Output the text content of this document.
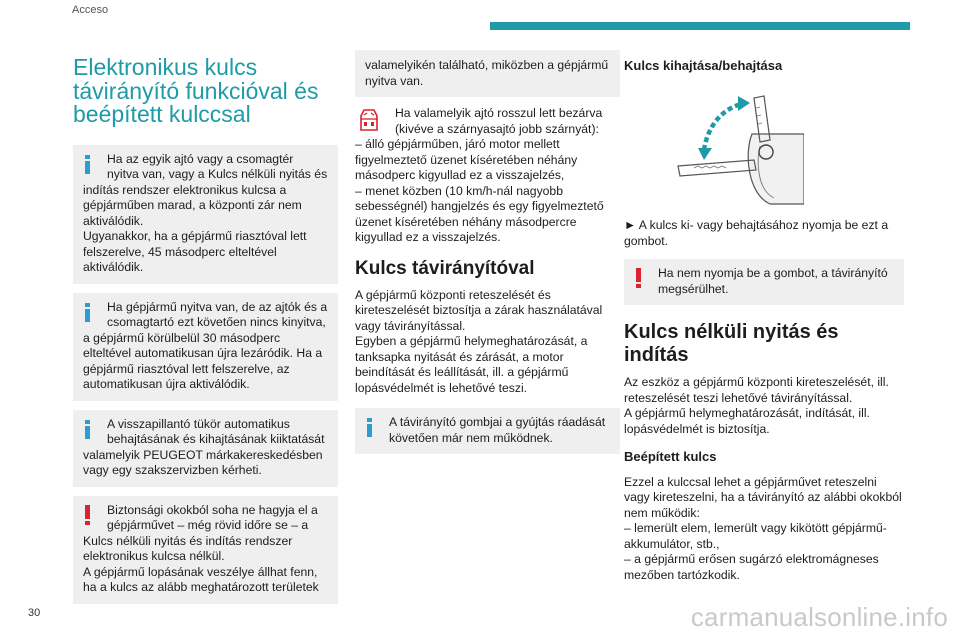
Acceso
Elektronikus kulcs távirányító funkcióval és beépített kulccsal

Ha az egyik ajtó vagy a csomagtér nyitva van, vagy a Kulcs nélküli nyitás és

indítás rendszer elektronikus kulcsa a gépjárműben marad, a központi zár nem aktiválódik.

Ugyanakkor, ha a gépjármű riasztóval lett felszerelve, 45 másodperc elteltével aktiválódik.

Ha gépjármű nyitva van, de az ajtók és a csomagtartó ezt követően nincs kinyitva,

a gépjármű körülbelül 30 másodperc elteltével automatikusan újra lezáródik. Ha a gépjármű riasztóval lett felszerelve, az automatikusan újra aktiválódik.

A visszapillantó tükör automatikus behajtásának és kihajtásának kiiktatását

valamelyik PEUGEOT márkakereskedésben vagy egy szakszervizben kérheti.

Biztonsági okokból soha ne hagyja el a gépjárművet – még rövid időre se – a

Kulcs nélküli nyitás és indítás rendszer elektronikus kulcsa nélkül.

A gépjármű lopásának veszélye állhat fenn, ha a kulcs az alább meghatározott területek

valamelyikén található, miközben a gépjármű nyitva van.

Ha valamelyik ajtó rosszul lett bezárva (kivéve a szárnyasajtó jobb szárnyát):

– álló gépjárműben, járó motor mellett figyelmeztető üzenet kíséretében néhány másodperc kigyullad ez a visszajelzés,

– menet közben (10 km/h-nál nagyobb sebességnél) hangjelzés és egy figyelmeztető üzenet kíséretében néhány másodpercre kigyullad ez a visszajelzés.

Kulcs távirányítóval

A gépjármű központi reteszelését és kireteszelését biztosítja a zárak használatával vagy távirányítással.

Egyben a gépjármű helymeghatározását, a tanksapka nyitását és zárását, a motor beindítását és leállítását, ill. a gépjármű lopásvédelmét is lehetővé teszi.

A távirányító gombjai a gyújtás ráadását követően már nem működnek.

Kulcs kihajtása/behajtása

► A kulcs ki- vagy behajtásához nyomja be ezt a gombot.

Ha nem nyomja be a gombot, a távirányító megsérülhet.

Kulcs nélküli nyitás és indítás

Az eszköz a gépjármű központi kireteszelését, ill. reteszelését teszi lehetővé távirányítással.

A gépjármű helymeghatározását, indítását, ill. lopásvédelmét is biztosítja.

Beépített kulcs

Ezzel a kulccsal lehet a gépjárművet reteszelni vagy kireteszelni, ha a távirányító az alábbi okokból nem működik:

– lemerült elem, lemerült vagy kikötött gépjármű-akkumulátor, stb.,

– a gépjármű erősen sugárzó elektromágneses mezőben tartózkodik.

30	carmanualsonline.info
